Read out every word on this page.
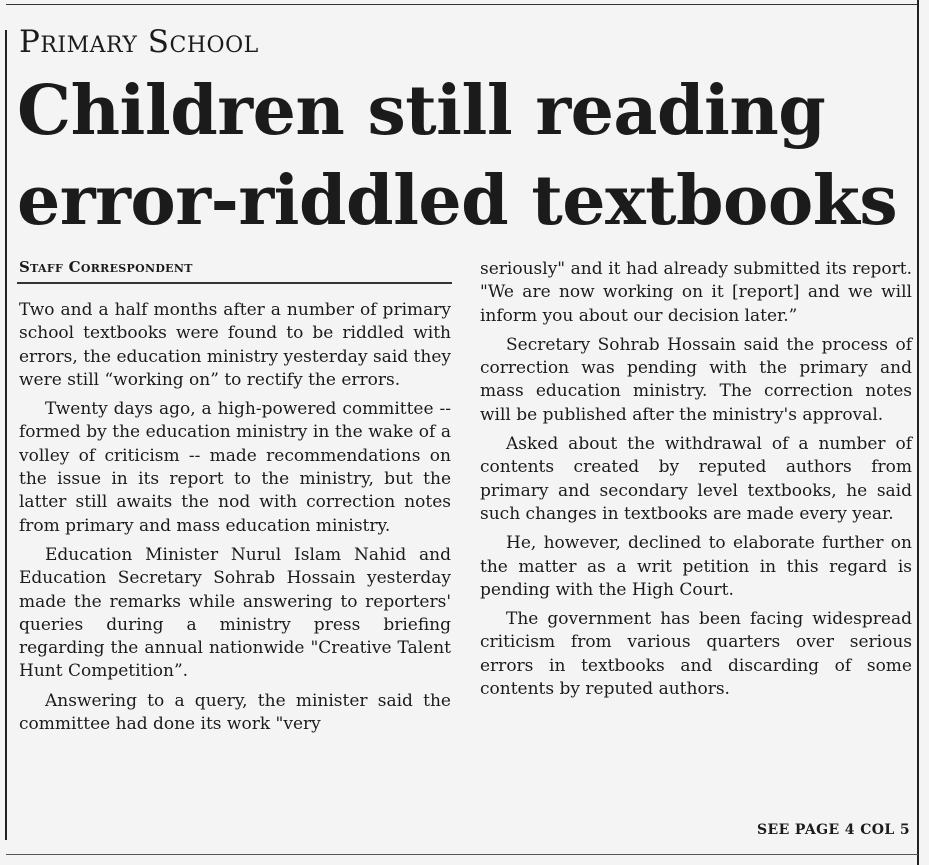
Primary School
Children still reading
error-riddled textbooks
Staff Correspondent

Two and a half months after a number of primary school textbooks were found to be riddled with errors, the education ministry yesterday said they were still “working on” to rectify the errors.

Twenty days ago, a high-powered committee -- formed by the education ministry in the wake of a volley of criticism -- made recommendations on the issue in its report to the ministry, but the latter still awaits the nod with correction notes from primary and mass education ministry.

Education Minister Nurul Islam Nahid and Education Secretary Sohrab Hossain yesterday made the remarks while answering to reporters' queries during a ministry press briefing regarding the annual nationwide "Creative Talent Hunt Competition”.

Answering to a query, the minister said the committee had done its work "very

seriously" and it had already submitted its report. "We are now working on it [report] and we will inform you about our decision later.”

Secretary Sohrab Hossain said the process of correction was pending with the primary and mass education ministry. The correction notes will be published after the ministry's approval.

Asked about the withdrawal of a number of contents created by reputed authors from primary and secondary level textbooks, he said such changes in textbooks are made every year.

He, however, declined to elaborate further on the matter as a writ petition in this regard is pending with the High Court.

The government has been facing widespread criticism from various quarters over serious errors in textbooks and discarding of some contents by reputed authors.

SEE PAGE 4 COL 5
